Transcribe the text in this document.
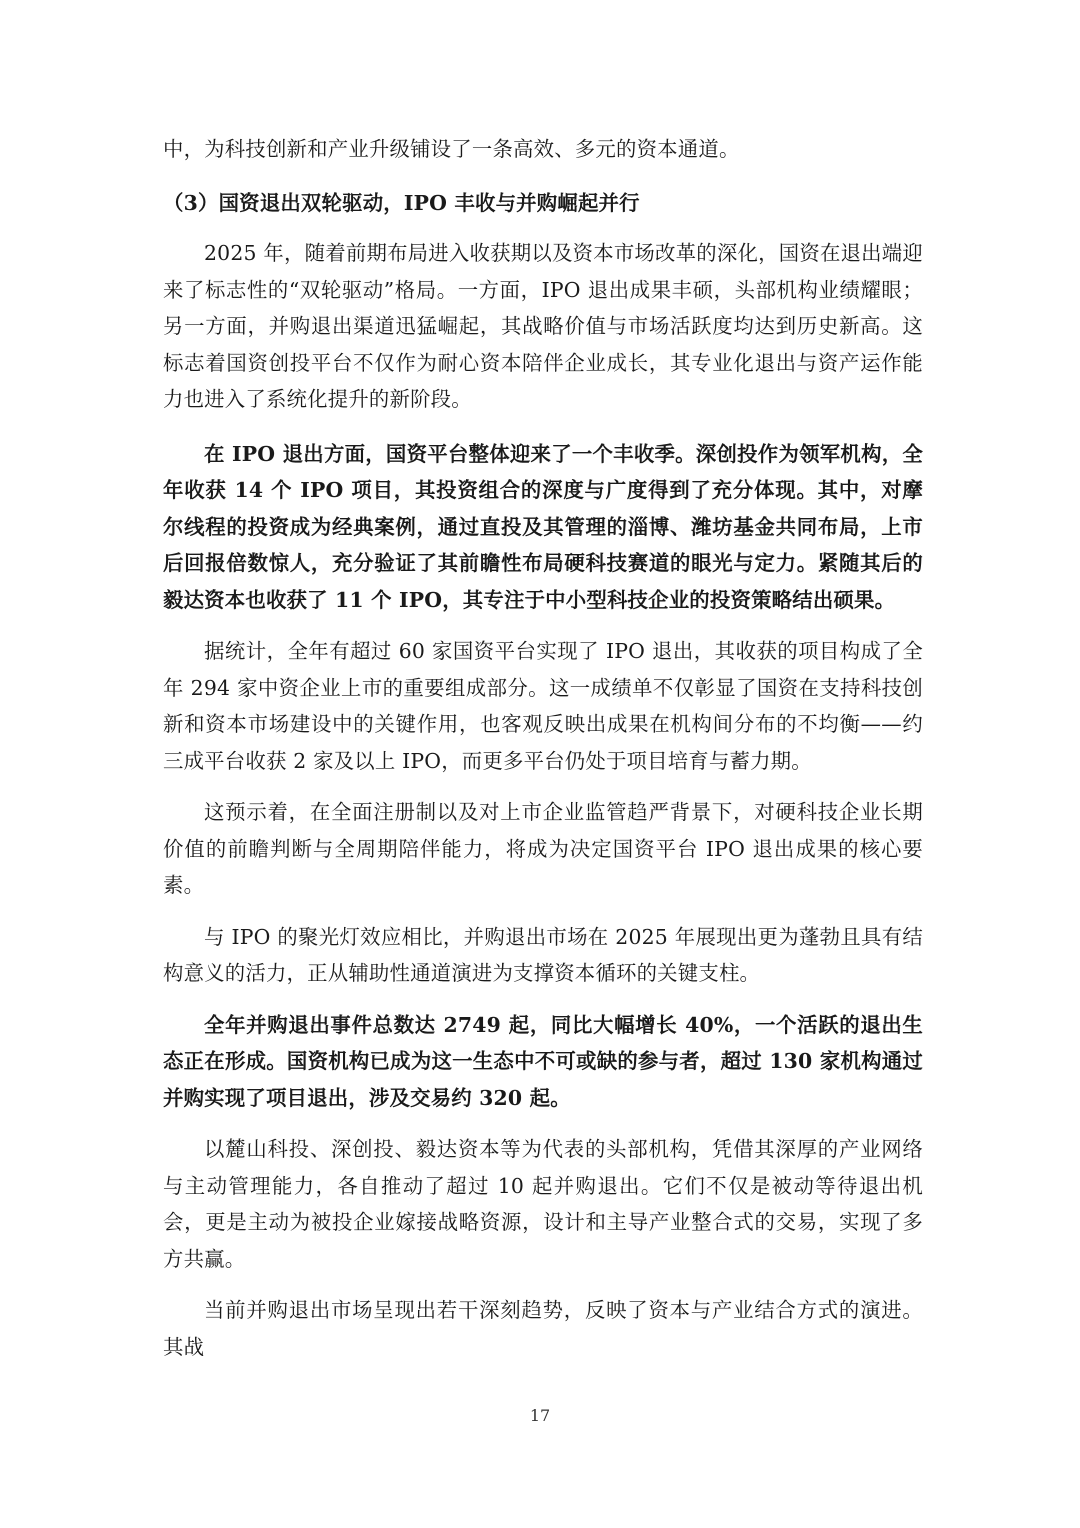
中，为科技创新和产业升级铺设了一条高效、多元的资本通道。

（3）国资退出双轮驱动，IPO 丰收与并购崛起并行

2025 年，随着前期布局进入收获期以及资本市场改革的深化，国资在退出端迎来了标志性的“双轮驱动”格局。一方面，IPO 退出成果丰硕，头部机构业绩耀眼；另一方面，并购退出渠道迅猛崛起，其战略价值与市场活跃度均达到历史新高。这标志着国资创投平台不仅作为耐心资本陪伴企业成长，其专业化退出与资产运作能力也进入了系统化提升的新阶段。

在 IPO 退出方面，国资平台整体迎来了一个丰收季。深创投作为领军机构，全年收获 14 个 IPO 项目，其投资组合的深度与广度得到了充分体现。其中，对摩尔线程的投资成为经典案例，通过直投及其管理的淄博、潍坊基金共同布局，上市后回报倍数惊人，充分验证了其前瞻性布局硬科技赛道的眼光与定力。紧随其后的毅达资本也收获了 11 个 IPO，其专注于中小型科技企业的投资策略结出硕果。

据统计，全年有超过 60 家国资平台实现了 IPO 退出，其收获的项目构成了全年 294 家中资企业上市的重要组成部分。这一成绩单不仅彰显了国资在支持科技创新和资本市场建设中的关键作用，也客观反映出成果在机构间分布的不均衡——约三成平台收获 2 家及以上 IPO，而更多平台仍处于项目培育与蓄力期。

这预示着，在全面注册制以及对上市企业监管趋严背景下，对硬科技企业长期价值的前瞻判断与全周期陪伴能力，将成为决定国资平台 IPO 退出成果的核心要素。

与 IPO 的聚光灯效应相比，并购退出市场在 2025 年展现出更为蓬勃且具有结构意义的活力，正从辅助性通道演进为支撑资本循环的关键支柱。

全年并购退出事件总数达 2749 起，同比大幅增长 40%，一个活跃的退出生态正在形成。国资机构已成为这一生态中不可或缺的参与者，超过 130 家机构通过并购实现了项目退出，涉及交易约 320 起。

以麓山科投、深创投、毅达资本等为代表的头部机构，凭借其深厚的产业网络与主动管理能力，各自推动了超过 10 起并购退出。它们不仅是被动等待退出机会，更是主动为被投企业嫁接战略资源，设计和主导产业整合式的交易，实现了多方共赢。

当前并购退出市场呈现出若干深刻趋势，反映了资本与产业结合方式的演进。其战

17
